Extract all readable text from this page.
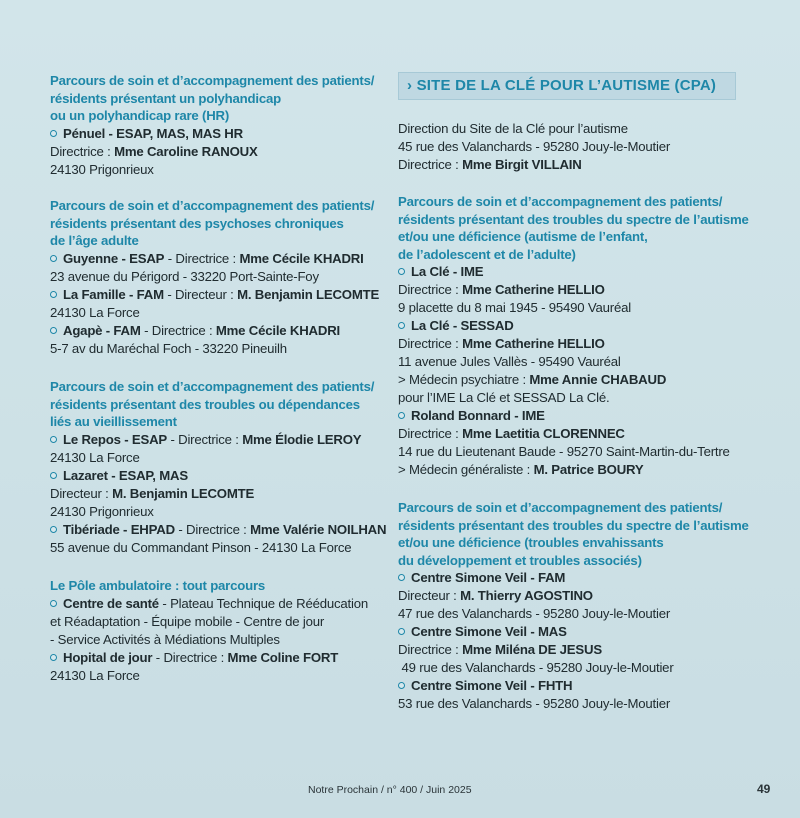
Parcours de soin et d’accompagnement des patients/
résidents présentant un polyhandicap
ou un polyhandicap rare (HR)
Pénuel - ESAP, MAS, MAS HR
Directrice : Mme Caroline RANOUX
24130 Prigonrieux
Parcours de soin et d’accompagnement des patients/
résidents présentant des psychoses chroniques
de l’âge adulte
Guyenne - ESAP - Directrice : Mme Cécile KHADRI
23 avenue du Périgord - 33220 Port-Sainte-Foy
La Famille - FAM - Directeur : M. Benjamin LECOMTE
24130 La Force
Agapè - FAM - Directrice : Mme Cécile KHADRI
5-7 av du Maréchal Foch - 33220 Pineuilh
Parcours de soin et d’accompagnement des patients/
résidents présentant des troubles ou dépendances
liés au vieillissement
Le Repos - ESAP - Directrice : Mme Élodie LEROY
24130 La Force
Lazaret - ESAP, MAS
Directeur : M. Benjamin LECOMTE
24130 Prigonrieux
Tibériade - EHPAD - Directrice : Mme Valérie NOILHAN
55 avenue du Commandant Pinson - 24130 La Force
Le Pôle ambulatoire : tout parcours
Centre de santé - Plateau Technique de Rééducation
et Réadaptation - Équipe mobile - Centre de jour
- Service Activités à Médiations Multiples
Hopital de jour - Directrice : Mme Coline FORT
24130 La Force
› SITE DE LA CLÉ POUR L’AUTISME (CPA)
Direction du Site de la Clé pour l’autisme
45 rue des Valanchards - 95280 Jouy-le-Moutier
Directrice : Mme Birgit VILLAIN
Parcours de soin et d’accompagnement des patients/
résidents présentant des troubles du spectre de l’autisme
et/ou une déficience (autisme de l’enfant,
de l’adolescent et de l’adulte)
La Clé - IME
Directrice : Mme Catherine HELLIO
9 placette du 8 mai 1945 - 95490 Vauréal
La Clé - SESSAD
Directrice : Mme Catherine HELLIO
11 avenue Jules Vallès - 95490 Vauréal
> Médecin psychiatre : Mme Annie CHABAUD
pour l’IME La Clé et SESSAD La Clé.
Roland Bonnard - IME
Directrice : Mme Laetitia CLORENNEC
14 rue du Lieutenant Baude - 95270 Saint-Martin-du-Tertre
> Médecin généraliste : M. Patrice BOURY
Parcours de soin et d’accompagnement des patients/
résidents présentant des troubles du spectre de l’autisme
et/ou une déficience (troubles envahissants
du développement et troubles associés)
Centre Simone Veil - FAM
Directeur : M. Thierry AGOSTINO
47 rue des Valanchards - 95280 Jouy-le-Moutier
Centre Simone Veil - MAS
Directrice : Mme Miléna DE JESUS
49 rue des Valanchards - 95280 Jouy-le-Moutier
Centre Simone Veil - FHTH
53 rue des Valanchards - 95280 Jouy-le-Moutier
Notre Prochain / n° 400 / Juin 2025	49
